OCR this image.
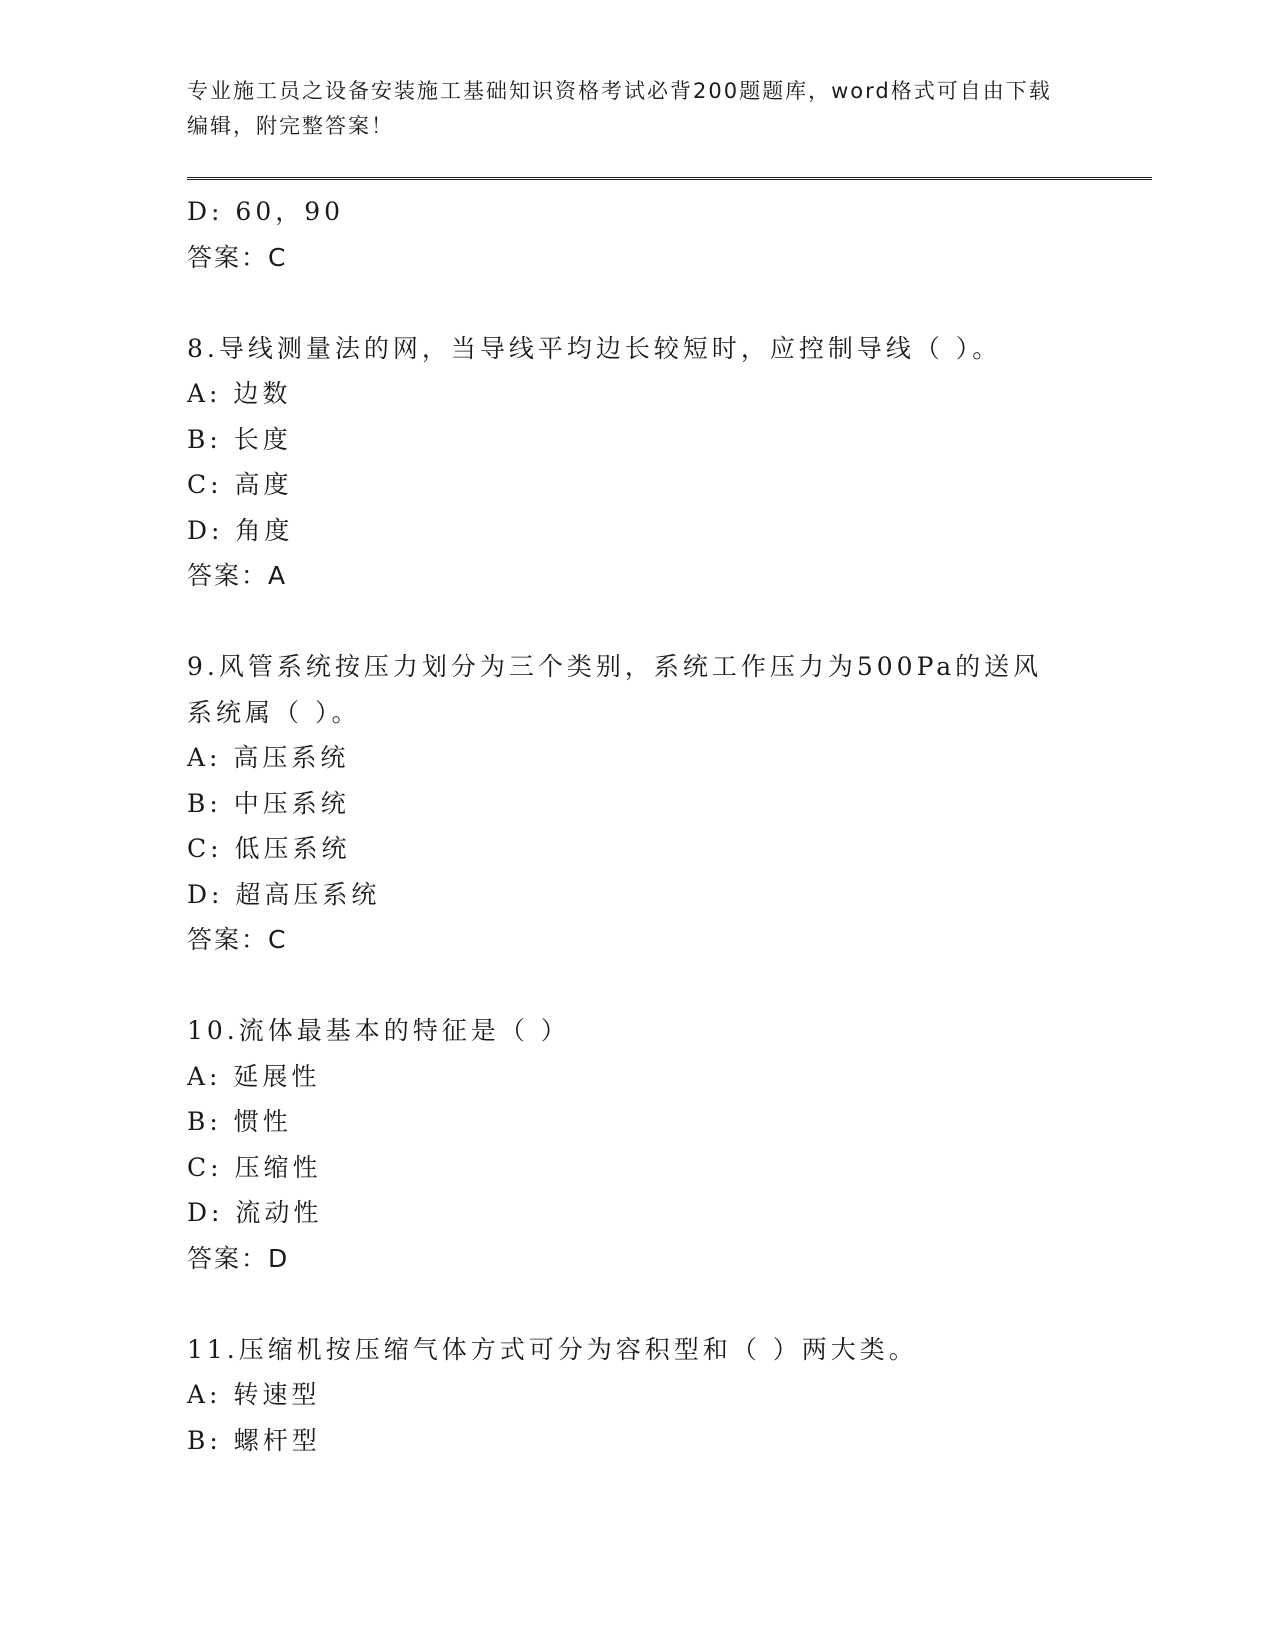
专业施工员之设备安装施工基础知识资格考试必背200题题库，word格式可自由下载编辑，附完整答案！
D: 60，90
答案：C
8.导线测量法的网，当导线平均边长较短时，应控制导线（ ）。
A: 边数
B: 长度
C: 高度
D: 角度
答案：A
9.风管系统按压力划分为三个类别，系统工作压力为500Pa的送风系统属（ ）。
A: 高压系统
B: 中压系统
C: 低压系统
D: 超高压系统
答案：C
10.流体最基本的特征是（ ）
A: 延展性
B: 惯性
C: 压缩性
D: 流动性
答案：D
11.压缩机按压缩气体方式可分为容积型和（ ）两大类。
A: 转速型
B: 螺杆型
